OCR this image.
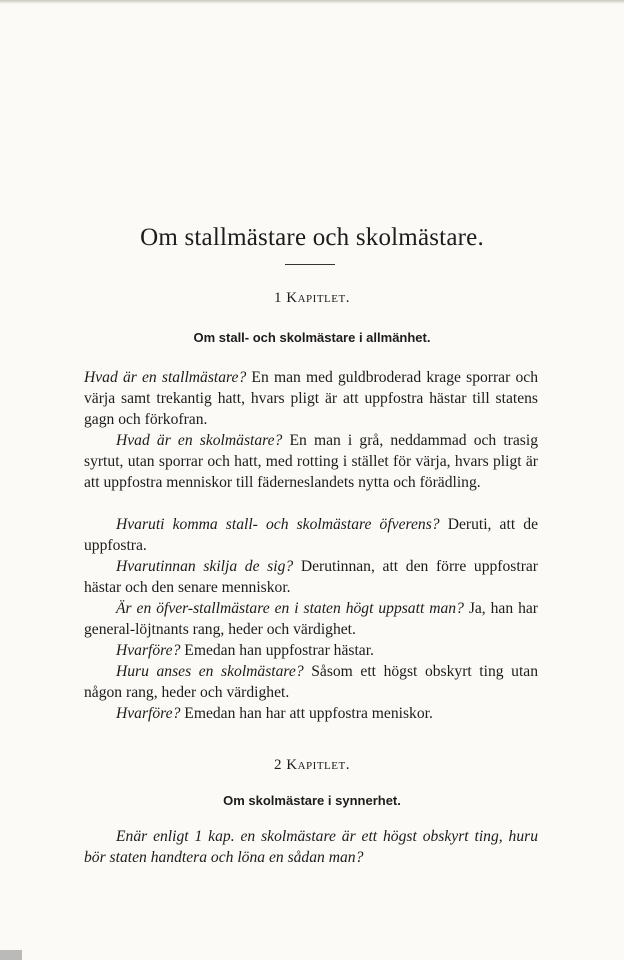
Om stallmästare och skolmästare.
1 Kapitlet.
Om stall- och skolmästare i allmänhet.
Hvad är en stallmästare? En man med guldbroderad krage sporrar och värja samt trekantig hatt, hvars pligt är att uppfostra hästar till statens gagn och förkofran.
Hvad är en skolmästare? En man i grå, neddammad och trasig syrtut, utan sporrar och hatt, med rotting i stället för värja, hvars pligt är att uppfostra menniskor till fäderneslandets nytta och förädling.
Hvaruti komma stall- och skolmästare öfverens? Deruti, att de uppfostra.
Hvarutinnan skilja de sig? Derutinnan, att den förre uppfostrar hästar och den senare menniskor.
Är en öfver-stallmästare en i staten högt uppsatt man? Ja, han har general-löjtnants rang, heder och värdighet.
Hvarföre? Emedan han uppfostrar hästar.
Huru anses en skolmästare? Såsom ett högst obskyrt ting utan någon rang, heder och värdighet.
Hvarföre? Emedan han har att uppfostra meniskor.
2 Kapitlet.
Om skolmästare i synnerhet.
Enär enligt 1 kap. en skolmästare är ett högst obskyrt ting, huru bör staten handtera och löna en sådan man?
